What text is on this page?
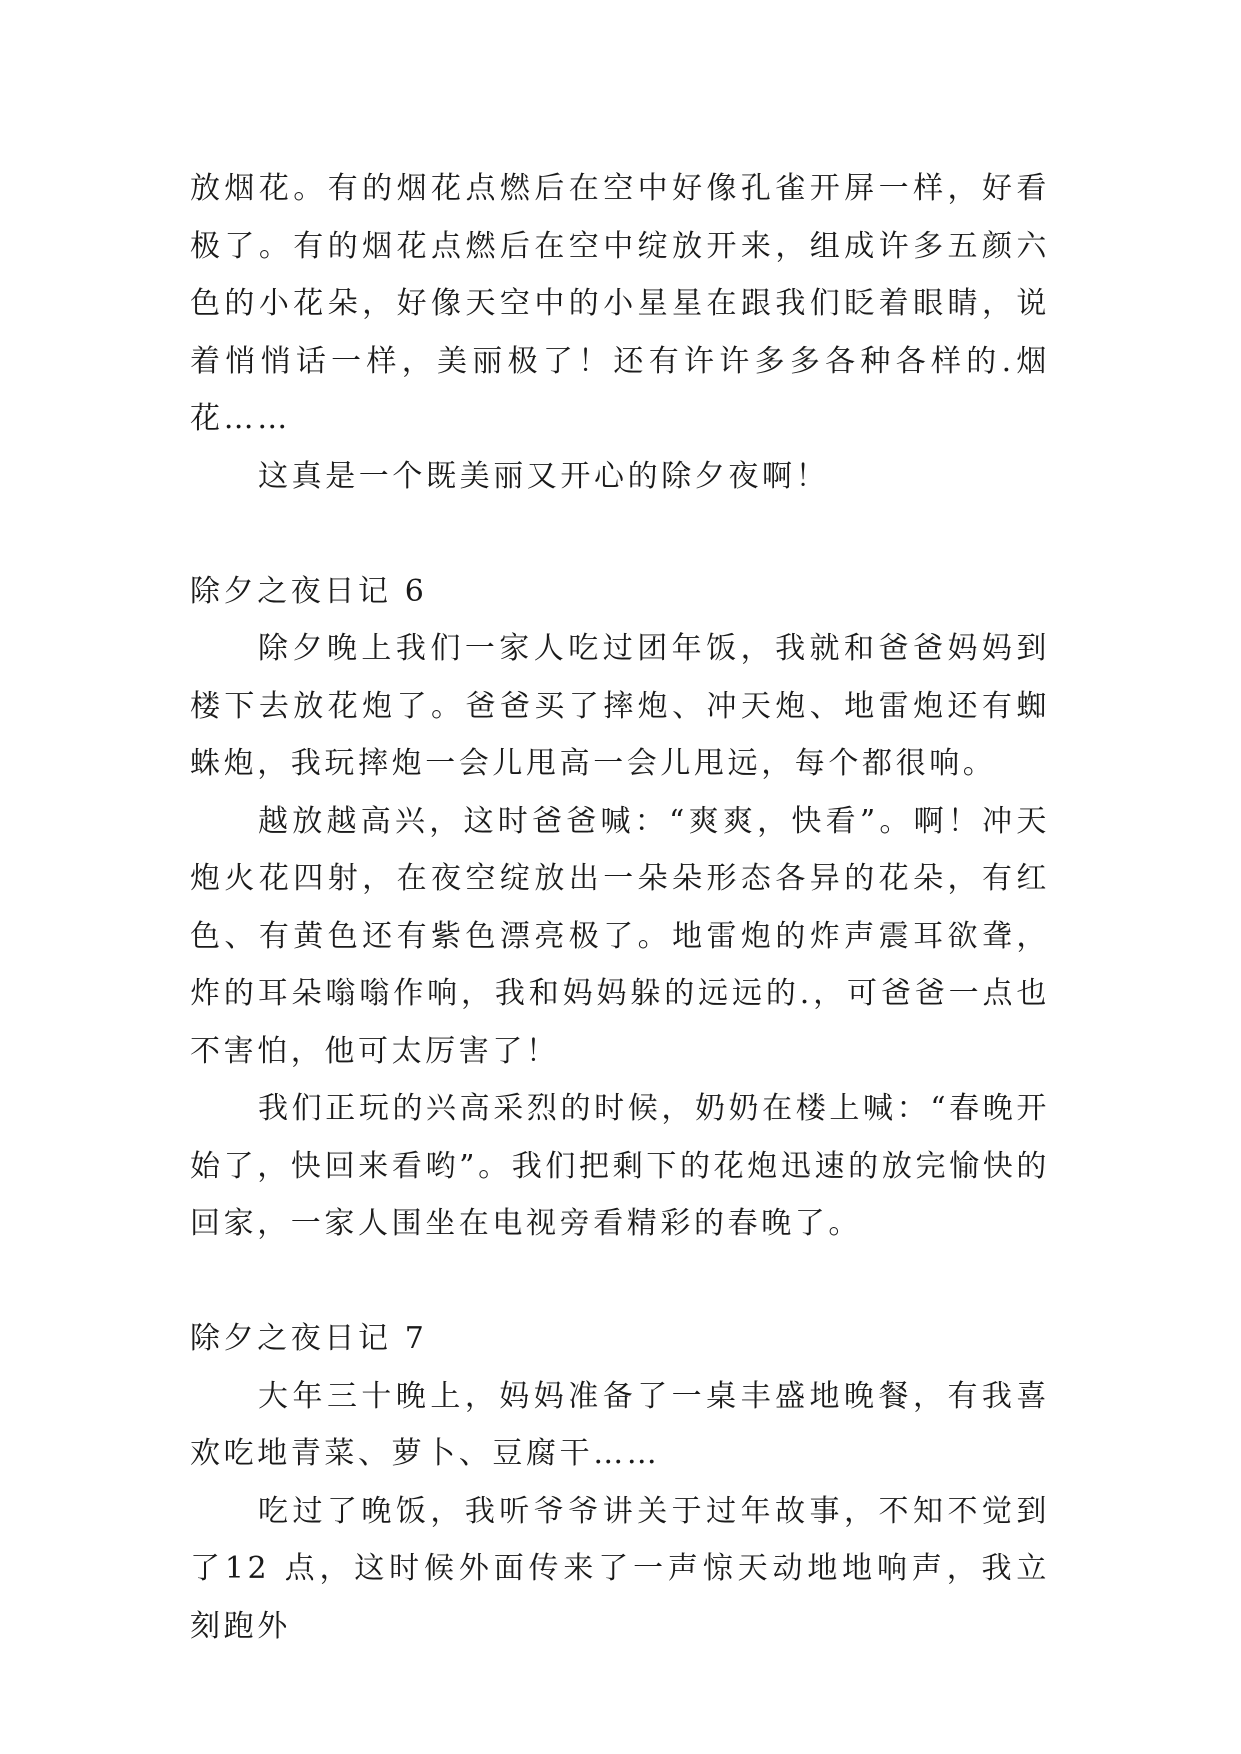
放烟花。有的烟花点燃后在空中好像孔雀开屏一样，好看极了。有的烟花点燃后在空中绽放开来，组成许多五颜六色的小花朵，好像天空中的小星星在跟我们眨着眼睛，说着悄悄话一样，美丽极了！还有许许多多各种各样的.烟花……

这真是一个既美丽又开心的除夕夜啊！

除夕之夜日记 6

除夕晚上我们一家人吃过团年饭，我就和爸爸妈妈到楼下去放花炮了。爸爸买了摔炮、冲天炮、地雷炮还有蜘蛛炮，我玩摔炮一会儿甩高一会儿甩远，每个都很响。

越放越高兴，这时爸爸喊：“爽爽，快看”。啊！冲天炮火花四射，在夜空绽放出一朵朵形态各异的花朵，有红色、有黄色还有紫色漂亮极了。地雷炮的炸声震耳欲聋，炸的耳朵嗡嗡作响，我和妈妈躲的远远的.，可爸爸一点也不害怕，他可太厉害了！

我们正玩的兴高采烈的时候，奶奶在楼上喊：“春晚开始了，快回来看哟”。我们把剩下的花炮迅速的放完愉快的回家，一家人围坐在电视旁看精彩的春晚了。

除夕之夜日记 7

大年三十晚上，妈妈准备了一桌丰盛地晚餐，有我喜欢吃地青菜、萝卜、豆腐干……

吃过了晚饭，我听爷爷讲关于过年故事，不知不觉到了12 点，这时候外面传来了一声惊天动地地响声，我立刻跑外
